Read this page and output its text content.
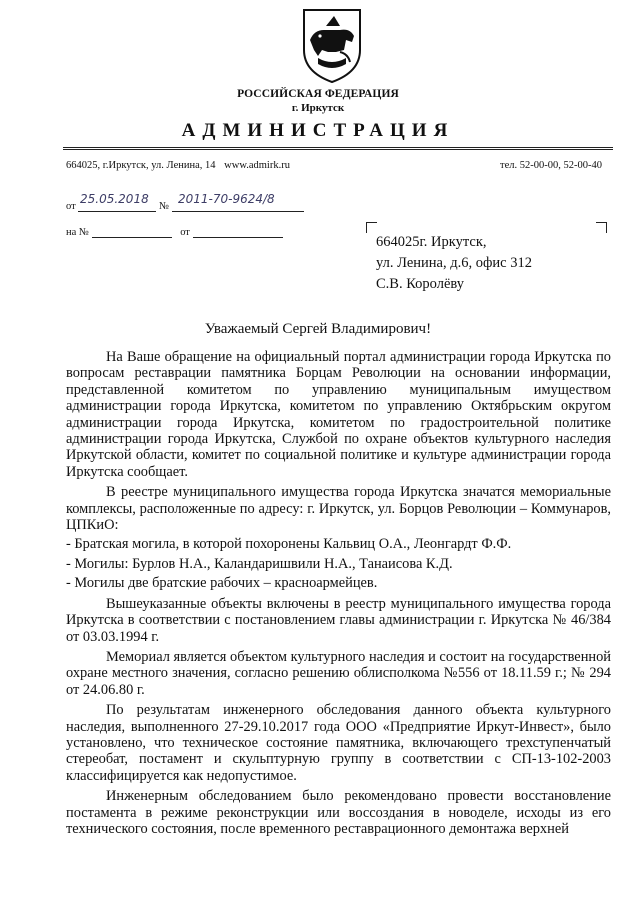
РОССИЙСКАЯ ФЕДЕРАЦИЯ
г. Иркутск
АДМИНИСТРАЦИЯ
664025, г.Иркутск, ул. Ленина, 14 www.admirk.ru	тел. 52-00-00, 52-00-40
от	№
25.05.2018 2011-70-9624/8
на №	от
664025г. Иркутск,
ул. Ленина, д.6, офис 312
С.В. Королёву
Уважаемый Сергей Владимирович!

На Ваше обращение на официальный портал администрации города Иркутска по вопросам реставрации памятника Борцам Революции на основании информации, представленной комитетом по управлению муниципальным имуществом администрации города Иркутска, комитетом по управлению Октябрьским округом администрации города Иркутска, комитетом по градостроительной политике администрации города Иркутска, Службой по охране объектов культурного наследия Иркутской области, комитет по социальной политике и культуре администрации города Иркутска сообщает.

В реестре муниципального имущества города Иркутска значатся мемориальные комплексы, расположенные по адресу: г. Иркутск, ул. Борцов Революции – Коммунаров, ЦПКиО:

- Братская могила, в которой похоронены Кальвиц О.А., Леонгардт Ф.Ф.

- Могилы: Бурлов Н.А., Каландаришвили Н.А., Танаисова К.Д.

- Могилы две братские рабочих – красноармейцев.

Вышеуказанные объекты включены в реестр муниципального имущества города Иркутска в соответствии с постановлением главы администрации г. Иркутска № 46/384 от 03.03.1994 г.

Мемориал является объектом культурного наследия и состоит на государственной охране местного значения, согласно решению облисполкома №556 от 18.11.59 г.; № 294 от 24.06.80 г.

По результатам инженерного обследования данного объекта культурного наследия, выполненного 27-29.10.2017 года ООО «Предприятие Иркут-Инвест», было установлено, что техническое состояние памятника, включающего трехступенчатый стереобат, постамент и скульптурную группу в соответствии с СП-13-102-2003 классифицируется как недопустимое.

Инженерным обследованием было рекомендовано провести восстановление постамента в режиме реконструкции или воссоздания в новоделе, исходы из его технического состояния, после временного реставрационного демонтажа верхней
